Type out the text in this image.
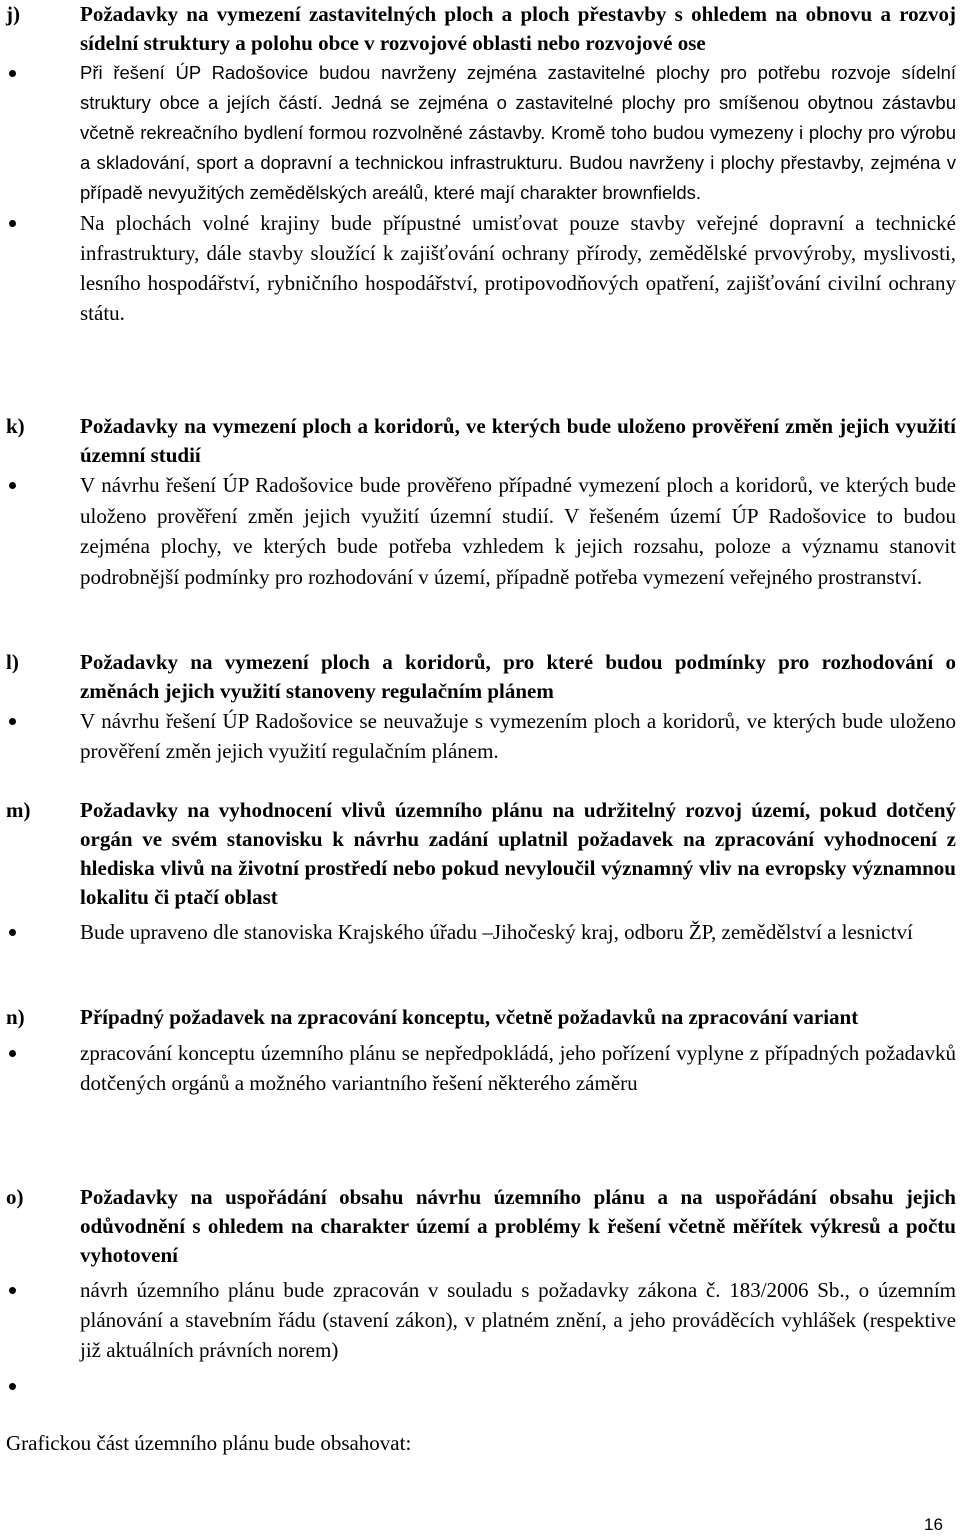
j)	Požadavky na vymezení zastavitelných ploch a ploch přestavby s ohledem na obnovu a rozvoj sídelní struktury a polohu obce v rozvojové oblasti nebo rozvojové ose
Při řešení ÚP Radošovice budou navrženy zejména zastavitelné plochy pro potřebu rozvoje sídelní struktury obce a jejích částí. Jedná se zejména o zastavitelné plochy pro smíšenou obytnou zástavbu včetně rekreačního bydlení formou rozvolněné zástavby. Kromě toho budou vymezeny i plochy pro výrobu a skladování, sport a dopravní a technickou infrastrukturu. Budou navrženy i plochy přestavby, zejména v případě nevyužitých zemědělských areálů, které mají charakter brownfields.
Na plochách volné krajiny bude přípustné umisťovat pouze stavby veřejné dopravní a technické infrastruktury, dále stavby sloužící k zajišťování ochrany přírody, zemědělské prvovýroby, myslivosti, lesního hospodářství, rybničního hospodářství, protipovodňových opatření, zajišťování civilní ochrany státu.
k)	Požadavky na vymezení ploch a koridorů, ve kterých bude uloženo prověření změn jejich využití územní studií
V návrhu řešení ÚP Radošovice bude prověřeno případné vymezení ploch a koridorů, ve kterých bude uloženo prověření změn jejich využití územní studií. V řešeném území ÚP Radošovice to budou zejména plochy, ve kterých bude potřeba vzhledem k jejich rozsahu, poloze a významu stanovit podrobnější podmínky pro rozhodování v území, případně potřeba vymezení veřejného prostranství.
l)	Požadavky na vymezení ploch a koridorů, pro které budou podmínky pro rozhodování o změnách jejich využití stanoveny regulačním plánem
V návrhu řešení ÚP Radošovice se neuvažuje s vymezením ploch a koridorů, ve kterých bude uloženo prověření změn jejich využití regulačním plánem.
m) Požadavky na vyhodnocení vlivů územního plánu na udržitelný rozvoj území, pokud dotčený orgán ve svém stanovisku k návrhu zadání uplatnil požadavek na zpracování vyhodnocení z hlediska vlivů na životní prostředí nebo pokud nevyloučil významný vliv na evropsky významnou lokalitu či ptačí oblast
Bude upraveno dle stanoviska Krajského úřadu –Jihočeský kraj, odboru ŽP, zemědělství a lesnictví
n)	Případný požadavek na zpracování konceptu, včetně požadavků na zpracování variant
zpracování konceptu územního plánu se nepředpokládá, jeho pořízení vyplyne z případných požadavků dotčených orgánů a možného variantního řešení některého záměru
o)	Požadavky na uspořádání obsahu návrhu územního plánu a na uspořádání obsahu jejich odůvodnění s ohledem na charakter území a problémy k řešení včetně měřítek výkresů a počtu vyhotovení
návrh územního plánu bude zpracován v souladu s požadavky zákona č. 183/2006 Sb., o územním plánování a stavebním řádu (stavení zákon), v platném znění, a jeho prováděcích vyhlášek (respektive již aktuálních právních norem)
Grafickou část územního plánu bude obsahovat:
16
